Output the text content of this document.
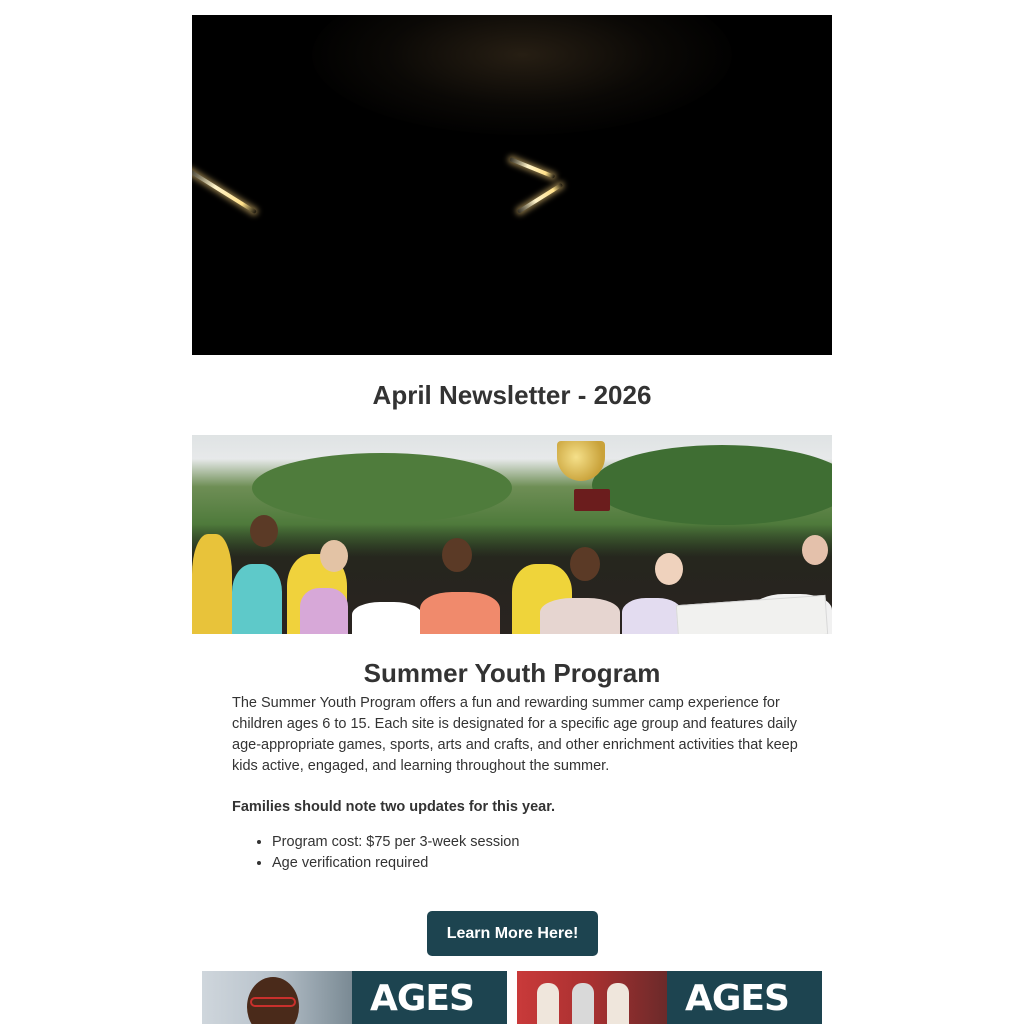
April Newsletter - 2026
Summer Youth Program

The Summer Youth Program offers a fun and rewarding summer camp experience for children ages 6 to 15. Each site is designated for a specific age group and features daily age-appropriate games, sports, arts and crafts, and other enrichment activities that keep kids active, engaged, and learning throughout the summer.

Families should note two updates for this year.

• Program cost: $75 per 3-week session
• Age verification required
Learn More Here!
AGES	AGES
